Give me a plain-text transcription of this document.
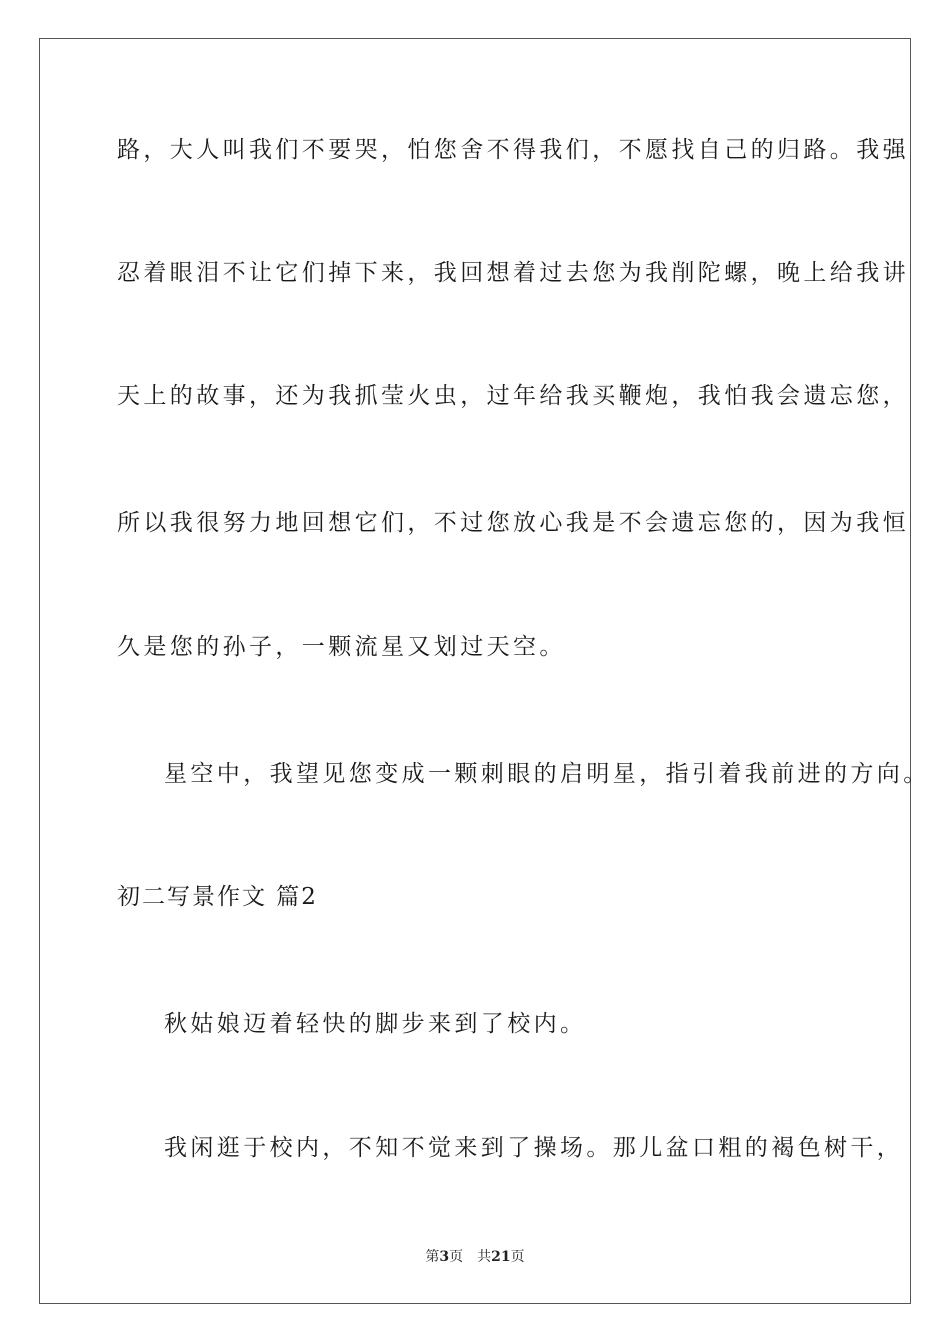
路，大人叫我们不要哭，怕您舍不得我们，不愿找自己的归路。我强
忍着眼泪不让它们掉下来，我回想着过去您为我削陀螺，晚上给我讲
天上的故事，还为我抓莹火虫，过年给我买鞭炮，我怕我会遗忘您，
所以我很努力地回想它们，不过您放心我是不会遗忘您的，因为我恒
久是您的孙子，一颗流星又划过天空。
星空中，我望见您变成一颗刺眼的启明星，指引着我前进的方向。
初二写景作文 篇2
秋姑娘迈着轻快的脚步来到了校内。
我闲逛于校内，不知不觉来到了操场。那儿盆口粗的褐色树干，
第3页 共21页
